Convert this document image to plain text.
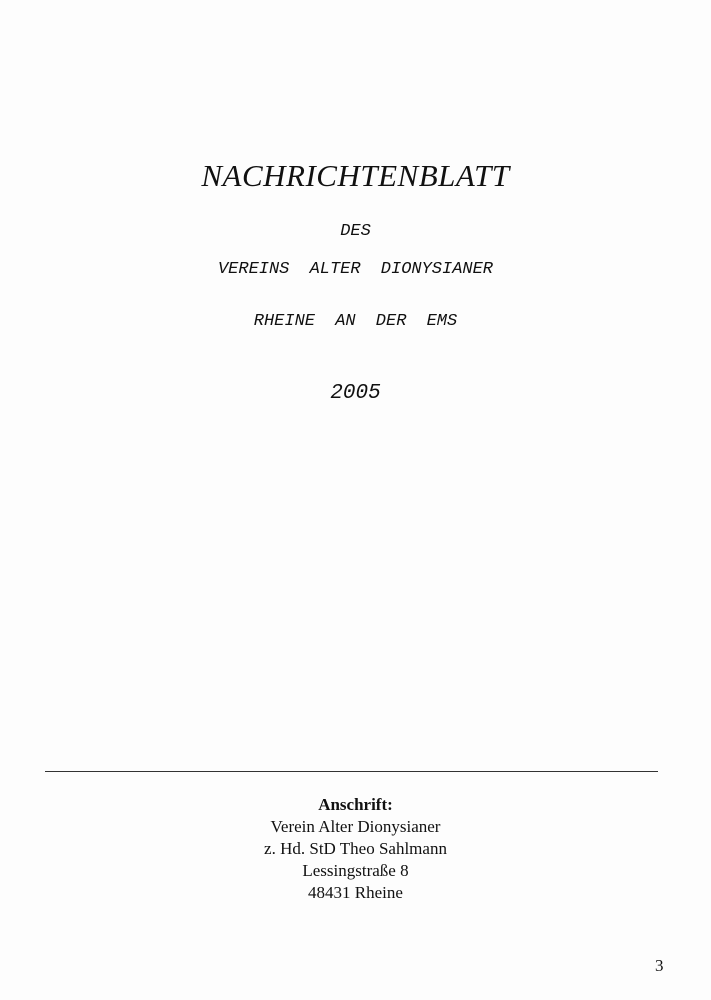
NACHRICHTENBLATT
DES
VEREINS ALTER DIONYSIANER
RHEINE AN DER EMS
2005
Anschrift:
Verein Alter Dionysianer
z. Hd. StD Theo Sahlmann
Lessingstraße 8
48431 Rheine
3
